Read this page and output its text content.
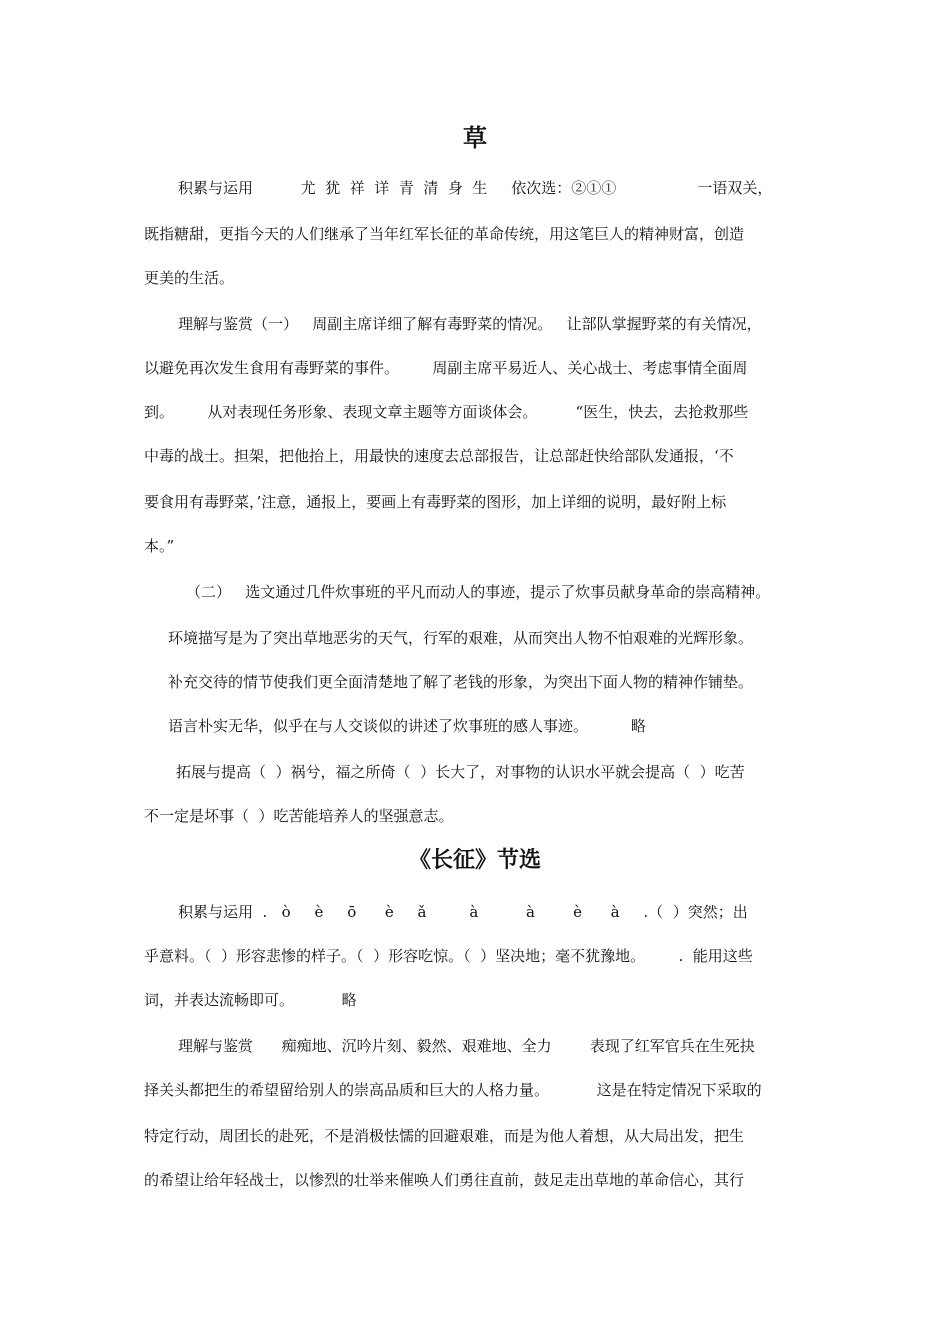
草
积累与运用          尤  犹  祥  详  青  清  身  生     依次选：②①①                 一语双关，
既指糖甜，更指今天的人们继承了当年红军长征的革命传统，用这笔巨人的精神财富，创造
更美的生活。
理解与鉴赏（一）   周副主席详细了解有毒野菜的情况。   让部队掌握野菜的有关情况，
以避免再次发生食用有毒野菜的事件。       周副主席平易近人、关心战士、考虑事情全面周
到。       从对表现任务形象、表现文章主题等方面谈体会。        “医生，快去，去抢救那些
中毒的战士。担架，把他抬上，用最快的速度去总部报告，让总部赶快给部队发通报，‘不
要食用有毒野菜，’注意，通报上，要画上有毒野菜的图形，加上详细的说明，最好附上标
本。”
（二）   选文通过几件炊事班的平凡而动人的事迹，提示了炊事员献身革命的崇高精神。
环境描写是为了突出草地恶劣的天气，行军的艰难，从而突出人物不怕艰难的光辉形象。
补充交待的情节使我们更全面清楚地了解了老钱的形象，为突出下面人物的精神作铺垫。
语言朴实无华，似乎在与人交谈似的讲述了炊事班的感人事迹。         略
拓展与提高（  ）祸兮，福之所倚（  ）长大了，对事物的认识水平就会提高（  ）吃苦
不一定是坏事（  ）吃苦能培养人的坚强意志。
《长征》节选
积累与运用  .   ò     è     ō      è     ǎ         à          à        è      à     .（  ）突然；出
乎意料。（  ）形容悲惨的样子。（  ）形容吃惊。（  ）坚决地；毫不犹豫地。       .  能用这些
词，并表达流畅即可。          略
理解与鉴赏      痴痴地、沉吟片刻、毅然、艰难地、全力        表现了红军官兵在生死抉
择关头都把生的希望留给别人的崇高品质和巨大的人格力量。          这是在特定情况下采取的
特定行动，周团长的赴死，不是消极怯懦的回避艰难，而是为他人着想，从大局出发，把生
的希望让给年轻战士，以惨烈的壮举来催唤人们勇往直前，鼓足走出草地的革命信心，其行
